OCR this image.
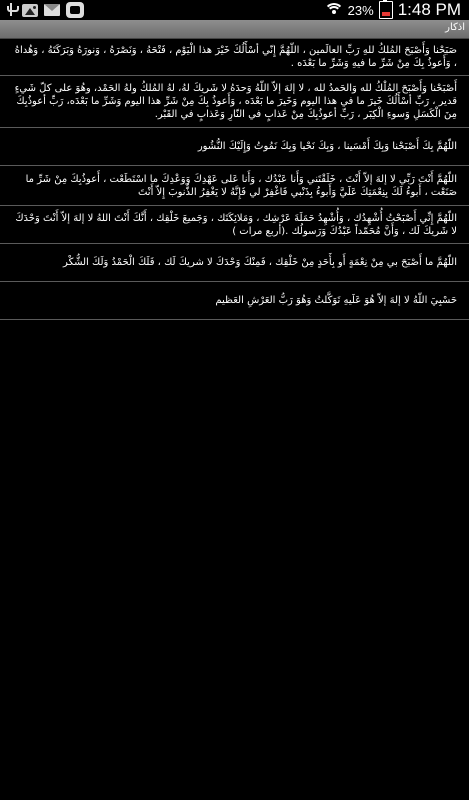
23% 1:48 PM
اذكار
صَبَحْنا وَأَصْبَحَ المُلكُ للهِ رَبِّ العالَمين ، اللّهُمَّ إِنّي أسْأَلُكَ خَيْرَ هذا الْيَوْم ، فَتْحَهُ ، وَنَصْرَهُ ، وَنورَهُ وَبَرَكَتَهُ ، وَهُداهُ ، وَأَعوذُ بِكَ مِنْ شَرِّ ما فيهِ وَشَرِّ ما بَعْدَه .
أَصْبَحْنا وَأَصْبَحَ المُلْكُ لله وَالحَمدُ لله ، لا إلهَ إلاّ اللّهُ وَحدَهُ لا شَريكَ لهُ، لهُ المُلكُ ولهُ الحَمْد، وهُوَ على كلّ شَيءٍ قدير ، رَبِّ أسْأَلُكَ خَيرَ ما في هذا اليوم وَخَيرَ ما بَعْدَه ، وَأَعوذُ بِكَ مِنْ شَرِّ هذا اليوم وَشَرِّ ما بَعْدَه، رَبِّ أعوذُبِكَ مِنَ الْكَسَلِ وَسوءِ الْكِبَر ، رَبِّ أعوذُبِكَ مِنْ عَذابٍ في النّارِ وَعَذابٍ في القَبْر.
اللّهُمَّ بِكَ أَصْبَحْنا وَبِكَ أَمْسَينا ، وَبِكَ نَحْيا وَبِكَ نَمُوتُ وَإِلَيْكَ النُّشُور
اللّهُمَّ أَنْتَ رَبِّي لا إلهَ إلاّ أَنْتَ ، خَلَقْتَني وَأَنا عَبْدُك ، وَأَنا عَلى عَهْدِكَ وَوَعْدِكَ ما اسْتَطَعْت ، أَعوذُبِكَ مِنْ شَرِّ ما صَنَعْت ، أَبوءُ لَكَ بِنِعْمَتِكَ عَلَيَّ وَأَبوءُ بِذَنْبي فَاغْفِرْ لي فَإِنَّهُ لا يَغْفِرُ الذُّنوبَ إِلاّ أَنْتَ
اللّهُمَّ إِنِّي أَصْبَحْتُ أُشْهِدُك ، وَأُشْهِدُ حَمَلَةَ عَرْشِك ، وَمَلائِكَتَك ، وَجَميعَ خَلْقِك ، أَنَّكَ أَنْتَ اللهُ لا إلهَ إلاّ أَنْتَ وَحْدَكَ لا شَريكَ لَك ، وَأَنَّ مُحَمّداً عَبْدُكَ وَرَسولُك .(أربع مرات )
اللّهُمَّ ما أَصْبَحَ بي مِنْ نِعْمَةٍ أَو بِأَحَدٍ مِنْ خَلْقِك ، فَمِنْكَ وَحْدَكَ لا شريكَ لَك ، فَلَكَ الْحَمْدُ وَلَكَ الشُّكْر
حَسْبِيَ اللّهُ لا إلهَ إلاّ هُوَ عَلَيهِ تَوَكَّلتُ وَهُوَ رَبُّ العَرْشِ العَظيم
